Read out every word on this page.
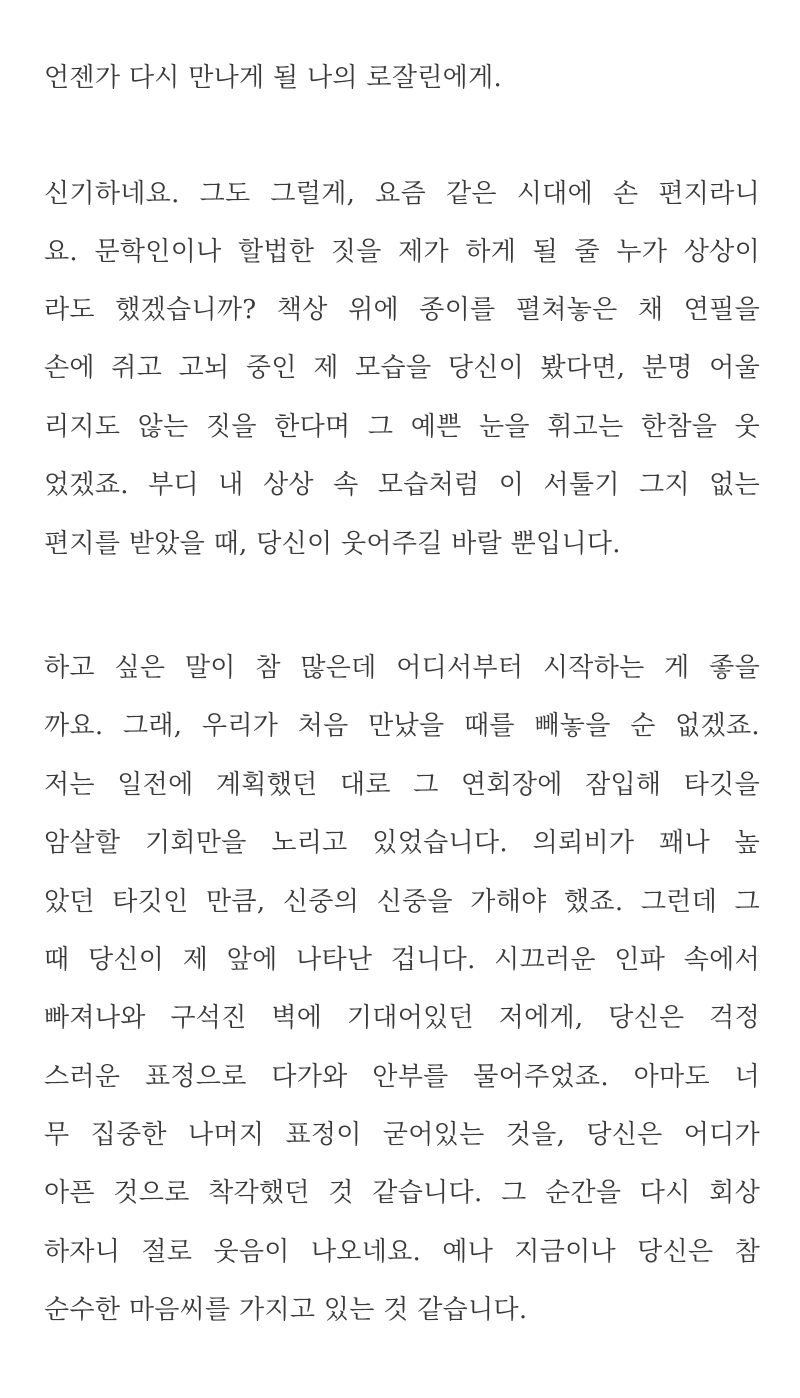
언젠가 다시 만나게 될 나의 로잘린에게.

신기하네요. 그도 그럴게, 요즘 같은 시대에 손 편지라니

요. 문학인이나 할법한 짓을 제가 하게 될 줄 누가 상상이

라도 했겠습니까? 책상 위에 종이를 펼쳐놓은 채 연필을

손에 쥐고 고뇌 중인 제 모습을 당신이 봤다면, 분명 어울

리지도 않는 짓을 한다며 그 예쁜 눈을 휘고는 한참을 웃

었겠죠. 부디 내 상상 속 모습처럼 이 서툴기 그지 없는

편지를 받았을 때, 당신이 웃어주길 바랄 뿐입니다.

하고 싶은 말이 참 많은데 어디서부터 시작하는 게 좋을

까요. 그래, 우리가 처음 만났을 때를 빼놓을 순 없겠죠.

저는 일전에 계획했던 대로 그 연회장에 잠입해 타깃을

암살할 기회만을 노리고 있었습니다. 의뢰비가 꽤나 높

았던 타깃인 만큼, 신중의 신중을 가해야 했죠. 그런데 그

때 당신이 제 앞에 나타난 겁니다. 시끄러운 인파 속에서

빠져나와 구석진 벽에 기대어있던 저에게, 당신은 걱정

스러운 표정으로 다가와 안부를 물어주었죠. 아마도 너

무 집중한 나머지 표정이 굳어있는 것을, 당신은 어디가

아픈 것으로 착각했던 것 같습니다. 그 순간을 다시 회상

하자니 절로 웃음이 나오네요. 예나 지금이나 당신은 참

순수한 마음씨를 가지고 있는 것 같습니다.
